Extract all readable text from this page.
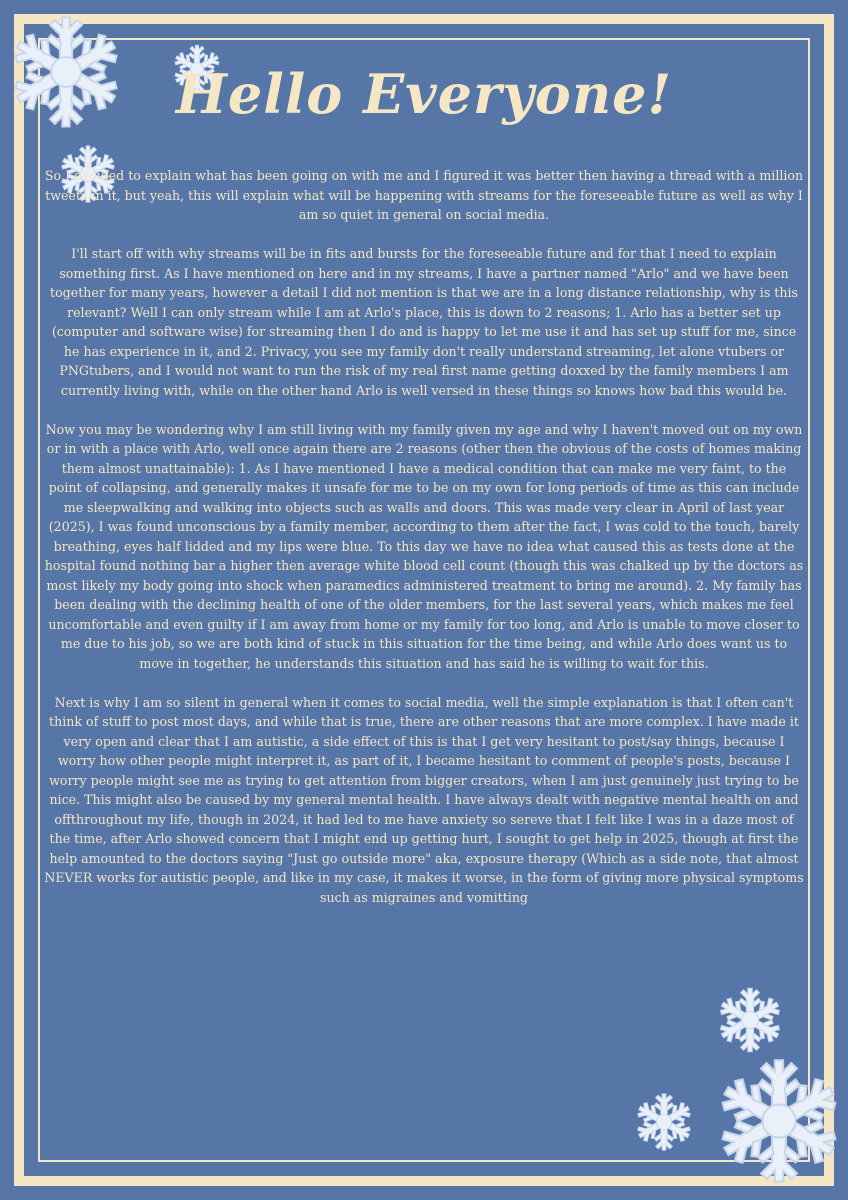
Hello Everyone!

So I decided to explain what has been going on with me and I figured it was better then having a thread with a million tweets in it, but yeah, this will explain what will be happening with streams for the foreseeable future as well as why I am so quiet in general on social media.

I'll start off with why streams will be in fits and bursts for the foreseeable future and for that I need to explain something first. As I have mentioned on here and in my streams, I have a partner named "Arlo" and we have been together for many years, however a detail I did not mention is that we are in a long distance relationship, why is this relevant? Well I can only stream while I am at Arlo's place, this is down to 2 reasons; 1. Arlo has a better set up (computer and software wise) for streaming then I do and is happy to let me use it and has set up stuff for me, since he has experience in it, and 2. Privacy, you see my family don't really understand streaming, let alone vtubers or PNGtubers, and I would not want to run the risk of my real first name getting doxxed by the family members I am currently living with, while on the other hand Arlo is well versed in these things so knows how bad this would be.

Now you may be wondering why I am still living with my family given my age and why I haven't moved out on my own or in with a place with Arlo, well once again there are 2 reasons (other then the obvious of the costs of homes making them almost unattainable): 1. As I have mentioned I have a medical condition that can make me very faint, to the point of collapsing, and generally makes it unsafe for me to be on my own for long periods of time as this can include me sleepwalking and walking into objects such as walls and doors. This was made very clear in April of last year (2025), I was found unconscious by a family member, according to them after the fact, I was cold to the touch, barely breathing, eyes half lidded and my lips were blue. To this day we have no idea what caused this as tests done at the hospital found nothing bar a higher then average white blood cell count (though this was chalked up by the doctors as most likely my body going into shock when paramedics administered treatment to bring me around). 2. My family has been dealing with the declining health of one of the older members, for the last several years, which makes me feel uncomfortable and even guilty if I am away from home or my family for too long, and Arlo is unable to move closer to me due to his job, so we are both kind of stuck in this situation for the time being, and while Arlo does want us to move in together, he understands this situation and has said he is willing to wait for this.

Next is why I am so silent in general when it comes to social media, well the simple explanation is that I often can't think of stuff to post most days, and while that is true, there are other reasons that are more complex. I have made it very open and clear that I am autistic, a side effect of this is that I get very hesitant to post/say things, because I worry how other people might interpret it, as part of it, I became hesitant to comment of people's posts, because I worry people might see me as trying to get attention from bigger creators, when I am just genuinely just trying to be nice. This might also be caused by my general mental health. I have always dealt with negative mental health on and offthroughout my life, though in 2024, it had led to me have anxiety so sereve that I felt like I was in a daze most of the time, after Arlo showed concern that I might end up getting hurt, I sought to get help in 2025, though at first the help amounted to the doctors saying "Just go outside more" aka, exposure therapy (Which as a side note, that almost NEVER works for autistic people, and like in my case, it makes it worse, in the form of giving more physical symptoms such as migraines and vomitting
